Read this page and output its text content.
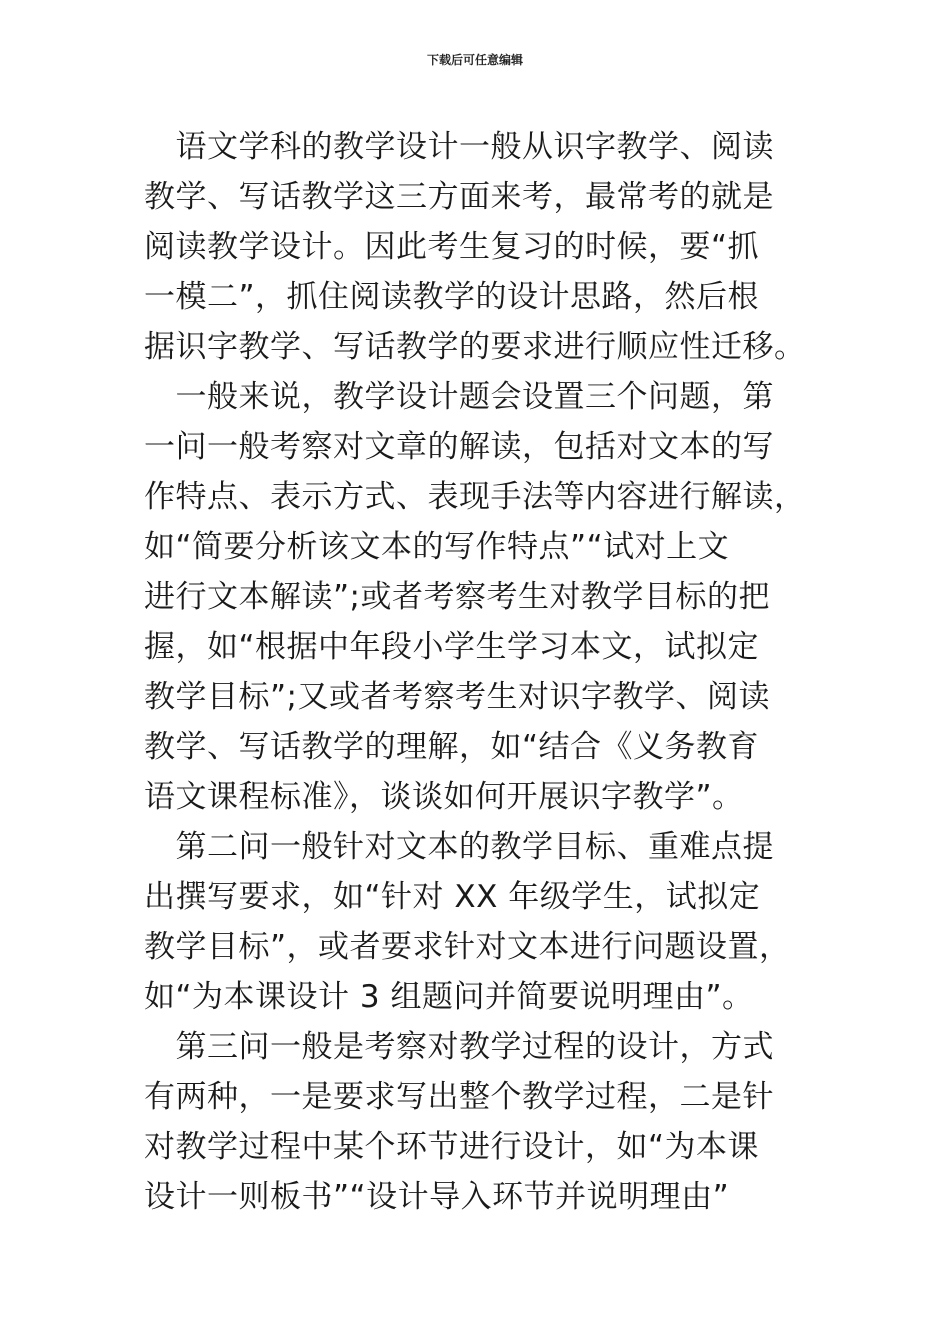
下载后可任意编辑
　语文学科的教学设计一般从识字教学、阅读
教学、写话教学这三方面来考，最常考的就是
阅读教学设计。因此考生复习的时候，要“抓
一模二”，抓住阅读教学的设计思路，然后根
据识字教学、写话教学的要求进行顺应性迁移。
　一般来说，教学设计题会设置三个问题，第
一问一般考察对文章的解读，包括对文本的写
作特点、表示方式、表现手法等内容进行解读，
如“简要分析该文本的写作特点”“试对上文
进行文本解读”;或者考察考生对教学目标的把
握，如“根据中年段小学生学习本文，试拟定
教学目标”;又或者考察考生对识字教学、阅读
教学、写话教学的理解，如“结合《义务教育
语文课程标准》，谈谈如何开展识字教学”。
　第二问一般针对文本的教学目标、重难点提
出撰写要求，如“针对 XX 年级学生，试拟定
教学目标”，或者要求针对文本进行问题设置，
如“为本课设计 3 组题问并简要说明理由”。
　第三问一般是考察对教学过程的设计，方式
有两种，一是要求写出整个教学过程，二是针
对教学过程中某个环节进行设计，如“为本课
设计一则板书”“设计导入环节并说明理由”
